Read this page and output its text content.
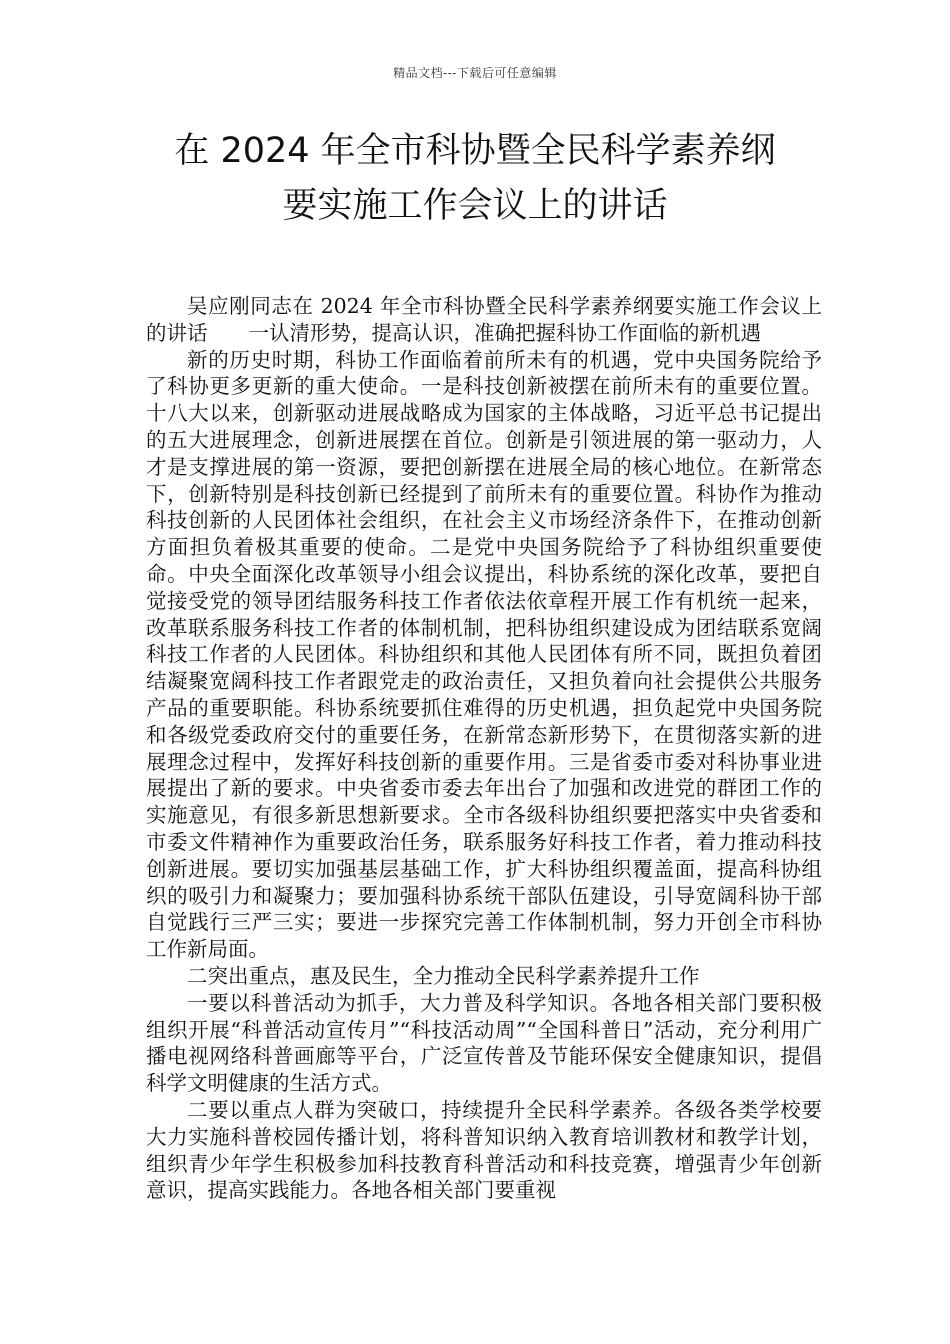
精品文档---下载后可任意编辑
在 2024 年全市科协暨全民科学素养纲
要实施工作会议上的讲话

吴应刚同志在 2024 年全市科协暨全民科学素养纲要实施工作会议上的讲话　　一认清形势，提高认识，准确把握科协工作面临的新机遇

新的历史时期，科协工作面临着前所未有的机遇，党中央国务院给予了科协更多更新的重大使命。一是科技创新被摆在前所未有的重要位置。十八大以来，创新驱动进展战略成为国家的主体战略，习近平总书记提出的五大进展理念，创新进展摆在首位。创新是引领进展的第一驱动力，人才是支撑进展的第一资源，要把创新摆在进展全局的核心地位。在新常态下，创新特别是科技创新已经提到了前所未有的重要位置。科协作为推动科技创新的人民团体社会组织，在社会主义市场经济条件下，在推动创新方面担负着极其重要的使命。二是党中央国务院给予了科协组织重要使命。中央全面深化改革领导小组会议提出，科协系统的深化改革，要把自觉接受党的领导团结服务科技工作者依法依章程开展工作有机统一起来，改革联系服务科技工作者的体制机制，把科协组织建设成为团结联系宽阔科技工作者的人民团体。科协组织和其他人民团体有所不同，既担负着团结凝聚宽阔科技工作者跟党走的政治责任，又担负着向社会提供公共服务产品的重要职能。科协系统要抓住难得的历史机遇，担负起党中央国务院和各级党委政府交付的重要任务，在新常态新形势下，在贯彻落实新的进展理念过程中，发挥好科技创新的重要作用。三是省委市委对科协事业进展提出了新的要求。中央省委市委去年出台了加强和改进党的群团工作的实施意见，有很多新思想新要求。全市各级科协组织要把落实中央省委和市委文件精神作为重要政治任务，联系服务好科技工作者，着力推动科技创新进展。要切实加强基层基础工作，扩大科协组织覆盖面，提高科协组织的吸引力和凝聚力；要加强科协系统干部队伍建设，引导宽阔科协干部自觉践行三严三实；要进一步探究完善工作体制机制，努力开创全市科协工作新局面。

二突出重点，惠及民生，全力推动全民科学素养提升工作

一要以科普活动为抓手，大力普及科学知识。各地各相关部门要积极组织开展“科普活动宣传月”“科技活动周”“全国科普日”活动，充分利用广播电视网络科普画廊等平台，广泛宣传普及节能环保安全健康知识，提倡科学文明健康的生活方式。

二要以重点人群为突破口，持续提升全民科学素养。各级各类学校要大力实施科普校园传播计划，将科普知识纳入教育培训教材和教学计划，组织青少年学生积极参加科技教育科普活动和科技竞赛，增强青少年创新意识，提高实践能力。各地各相关部门要重视
